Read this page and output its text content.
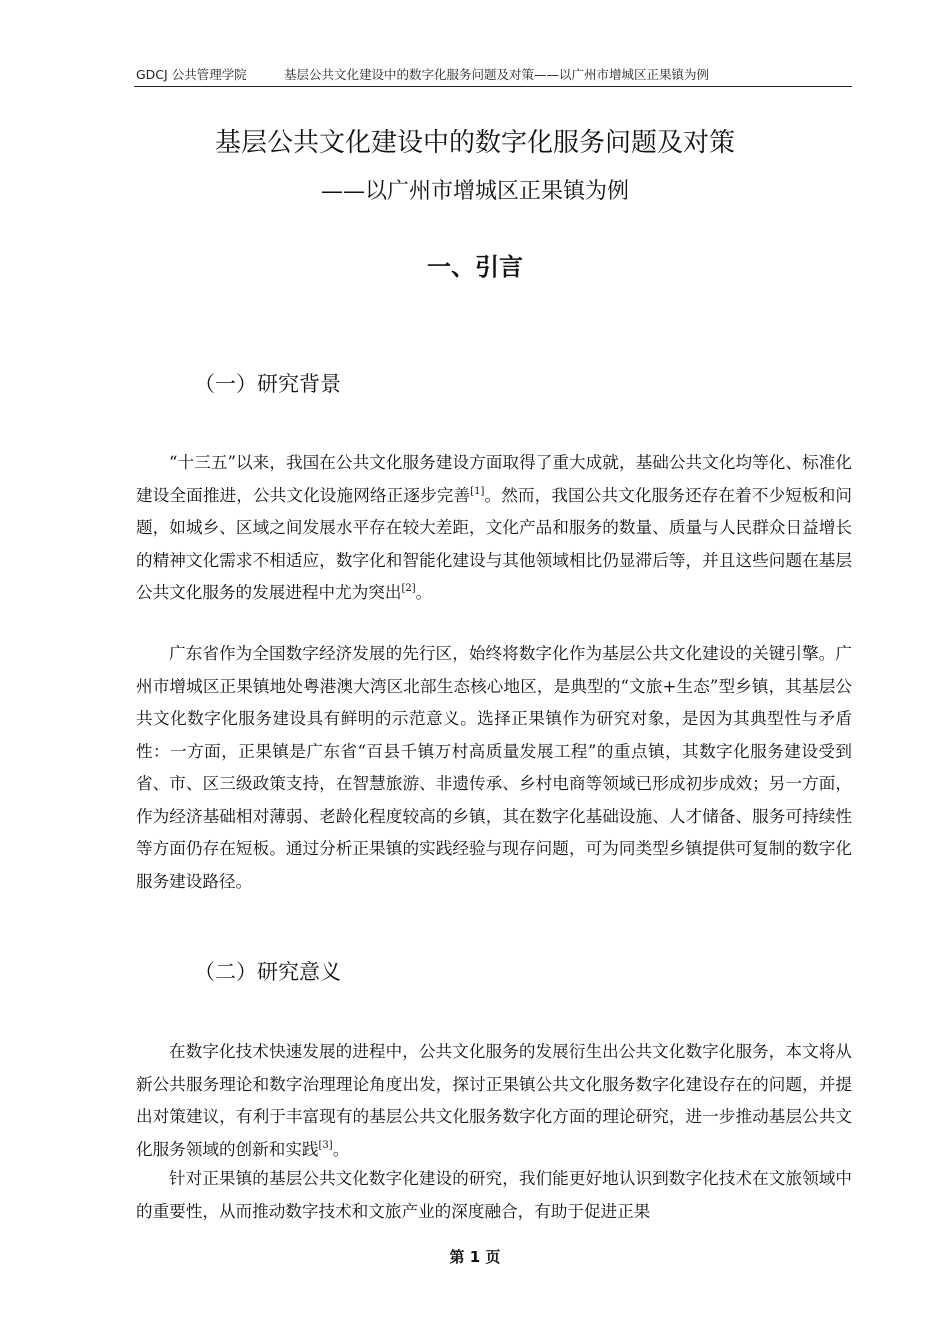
GDCJ 公共管理学院	基层公共文化建设中的数字化服务问题及对策——以广州市增城区正果镇为例
基层公共文化建设中的数字化服务问题及对策
——以广州市增城区正果镇为例
一、引言
（一）研究背景

“十三五”以来，我国在公共文化服务建设方面取得了重大成就，基础公共文化均等化、标准化建设全面推进，公共文化设施网络正逐步完善[1]。然而，我国公共文化服务还存在着不少短板和问题，如城乡、区域之间发展水平存在较大差距，文化产品和服务的数量、质量与人民群众日益增长的精神文化需求不相适应，数字化和智能化建设与其他领域相比仍显滞后等，并且这些问题在基层公共文化服务的发展进程中尤为突出[2]。

广东省作为全国数字经济发展的先行区，始终将数字化作为基层公共文化建设的关键引擎。广州市增城区正果镇地处粤港澳大湾区北部生态核心地区，是典型的“文旅+生态”型乡镇，其基层公共文化数字化服务建设具有鲜明的示范意义。选择正果镇作为研究对象，是因为其典型性与矛盾性：一方面，正果镇是广东省“百县千镇万村高质量发展工程”的重点镇，其数字化服务建设受到省、市、区三级政策支持，在智慧旅游、非遗传承、乡村电商等领域已形成初步成效；另一方面，作为经济基础相对薄弱、老龄化程度较高的乡镇，其在数字化基础设施、人才储备、服务可持续性等方面仍存在短板。通过分析正果镇的实践经验与现存问题，可为同类型乡镇提供可复制的数字化服务建设路径。

（二）研究意义

在数字化技术快速发展的进程中，公共文化服务的发展衍生出公共文化数字化服务，本文将从新公共服务理论和数字治理理论角度出发，探讨正果镇公共文化服务数字化建设存在的问题，并提出对策建议，有利于丰富现有的基层公共文化服务数字化方面的理论研究，进一步推动基层公共文化服务领域的创新和实践[3]。

针对正果镇的基层公共文化数字化建设的研究，我们能更好地认识到数字化技术在文旅领域中的重要性，从而推动数字技术和文旅产业的深度融合，有助于促进正果

第 1 页
